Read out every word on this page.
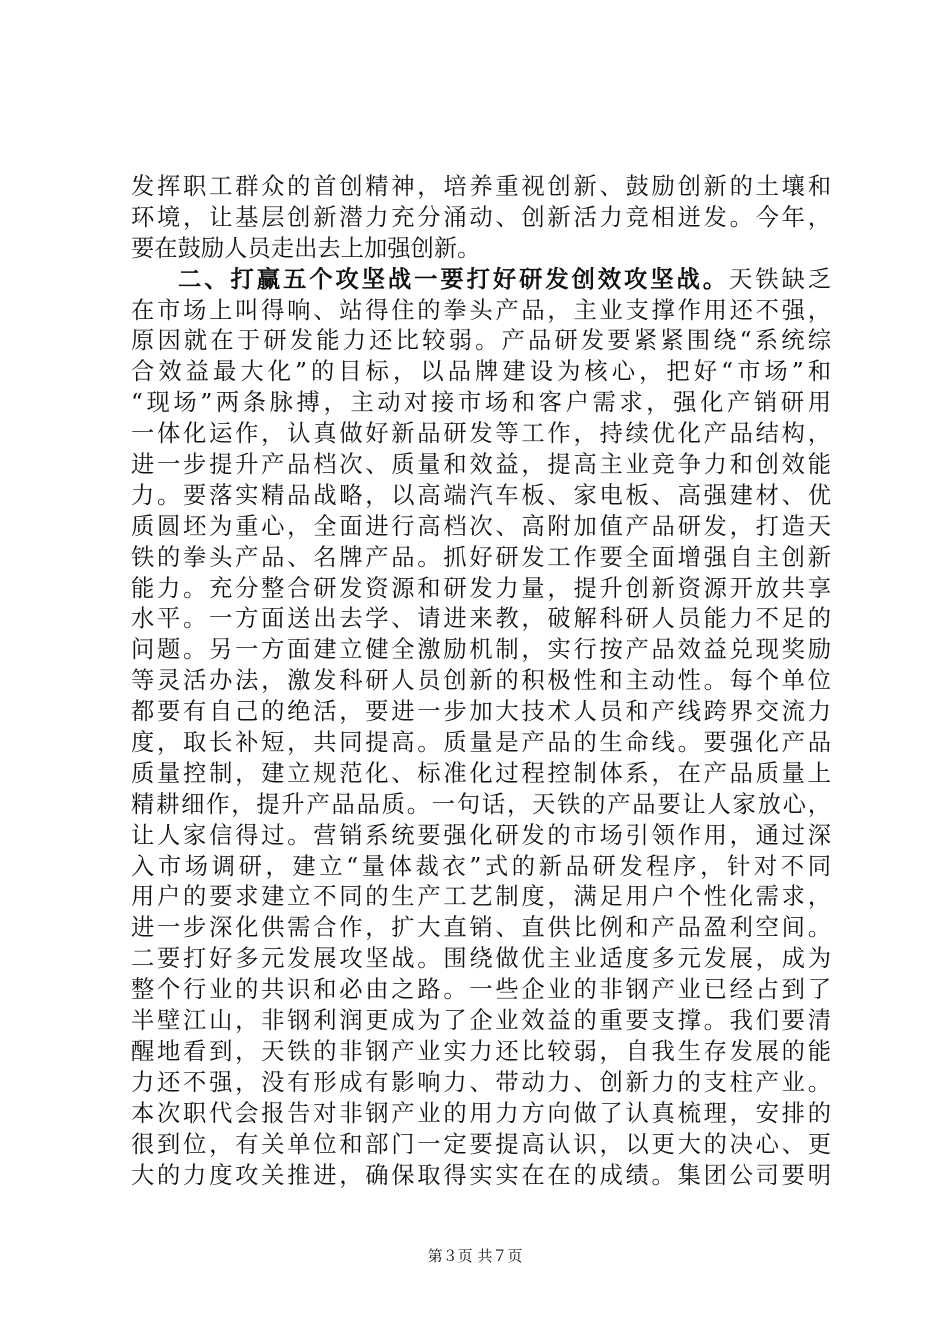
发挥职工群众的首创精神，培养重视创新、鼓励创新的土壤和
环境，让基层创新潜力充分涌动、创新活力竞相迸发。今年，
要在鼓励人员走出去上加强创新。
二、打赢五个攻坚战一要打好研发创效攻坚战。天铁缺乏
在市场上叫得响、站得住的拳头产品，主业支撑作用还不强，
原因就在于研发能力还比较弱。产品研发要紧紧围绕“系统综
合效益最大化”的目标，以品牌建设为核心，把好“市场”和
“现场”两条脉搏，主动对接市场和客户需求，强化产销研用
一体化运作，认真做好新品研发等工作，持续优化产品结构，
进一步提升产品档次、质量和效益，提高主业竞争力和创效能
力。要落实精品战略，以高端汽车板、家电板、高强建材、优
质圆坯为重心，全面进行高档次、高附加值产品研发，打造天
铁的拳头产品、名牌产品。抓好研发工作要全面增强自主创新
能力。充分整合研发资源和研发力量，提升创新资源开放共享
水平。一方面送出去学、请进来教，破解科研人员能力不足的
问题。另一方面建立健全激励机制，实行按产品效益兑现奖励
等灵活办法，激发科研人员创新的积极性和主动性。每个单位
都要有自己的绝活，要进一步加大技术人员和产线跨界交流力
度，取长补短，共同提高。质量是产品的生命线。要强化产品
质量控制，建立规范化、标准化过程控制体系，在产品质量上
精耕细作，提升产品品质。一句话，天铁的产品要让人家放心，
让人家信得过。营销系统要强化研发的市场引领作用，通过深
入市场调研，建立“量体裁衣”式的新品研发程序，针对不同
用户的要求建立不同的生产工艺制度，满足用户个性化需求，
进一步深化供需合作，扩大直销、直供比例和产品盈利空间。
二要打好多元发展攻坚战。围绕做优主业适度多元发展，成为
整个行业的共识和必由之路。一些企业的非钢产业已经占到了
半壁江山，非钢利润更成为了企业效益的重要支撑。我们要清
醒地看到，天铁的非钢产业实力还比较弱，自我生存发展的能
力还不强，没有形成有影响力、带动力、创新力的支柱产业。
本次职代会报告对非钢产业的用力方向做了认真梳理，安排的
很到位，有关单位和部门一定要提高认识，以更大的决心、更
大的力度攻关推进，确保取得实实在在的成绩。集团公司要明
第３页 共７页
